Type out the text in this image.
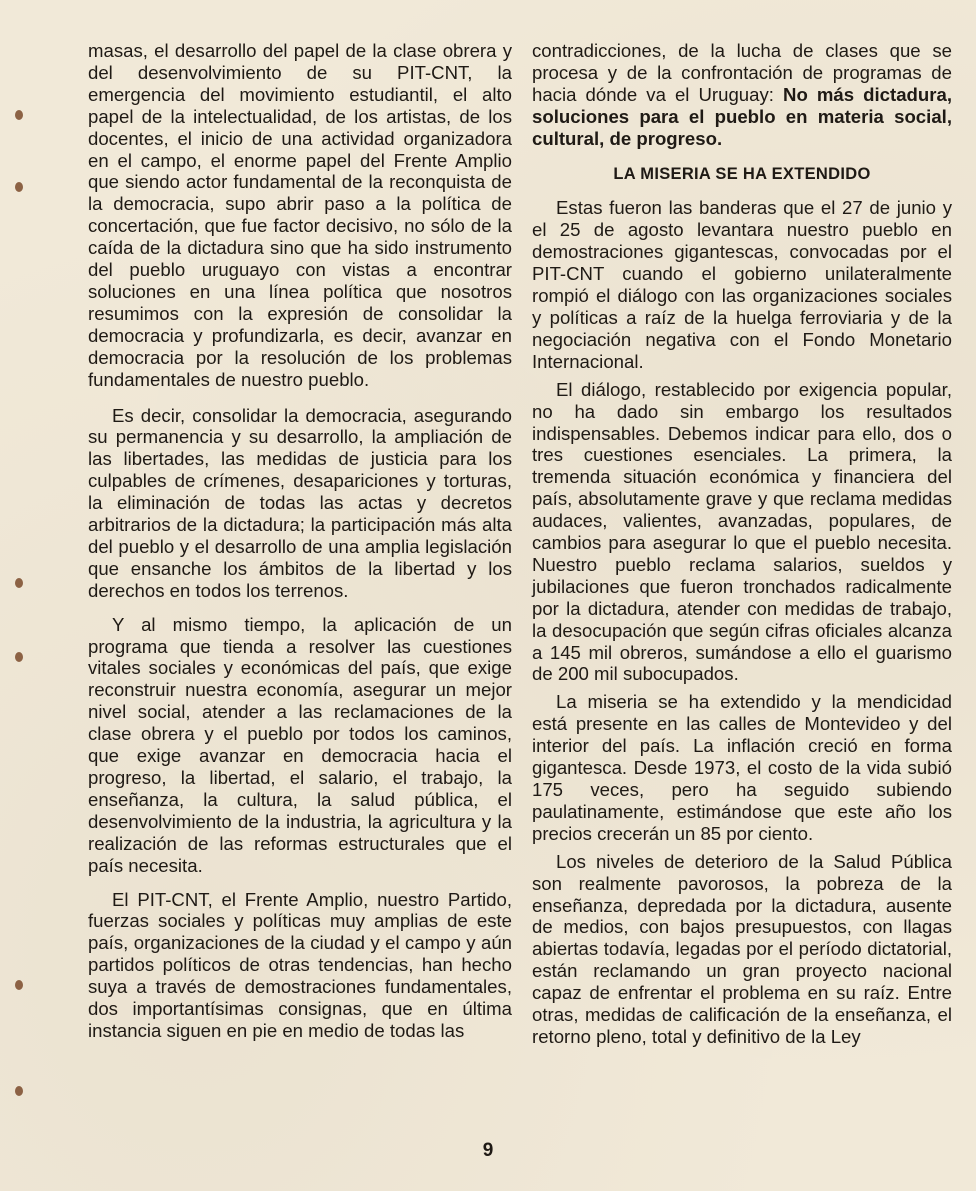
masas, el desarrollo del papel de la clase obrera y del desenvolvimiento de su PIT-CNT, la emergencia del movimiento estudiantil, el alto papel de la intelectualidad, de los artistas, de los docentes, el inicio de una actividad organizadora en el campo, el enorme papel del Frente Amplio que siendo actor fundamental de la reconquista de la democracia, supo abrir paso a la política de concertación, que fue factor decisivo, no sólo de la caída de la dictadura sino que ha sido instrumento del pueblo uruguayo con vistas a encontrar soluciones en una línea política que nosotros resumimos con la expresión de consolidar la democracia y profundizarla, es decir, avanzar en democracia por la resolución de los problemas fundamentales de nuestro pueblo.

Es decir, consolidar la democracia, asegurando su permanencia y su desarrollo, la ampliación de las libertades, las medidas de justicia para los culpables de crímenes, desapariciones y torturas, la eliminación de todas las actas y decretos arbitrarios de la dictadura; la participación más alta del pueblo y el desarrollo de una amplia legislación que ensanche los ámbitos de la libertad y los derechos en todos los terrenos.

Y al mismo tiempo, la aplicación de un programa que tienda a resolver las cuestiones vitales sociales y económicas del país, que exige reconstruir nuestra economía, asegurar un mejor nivel social, atender a las reclamaciones de la clase obrera y el pueblo por todos los caminos, que exige avanzar en democracia hacia el progreso, la libertad, el salario, el trabajo, la enseñanza, la cultura, la salud pública, el desenvolvimiento de la industria, la agricultura y la realización de las reformas estructurales que el país necesita.

El PIT-CNT, el Frente Amplio, nuestro Partido, fuerzas sociales y políticas muy amplias de este país, organizaciones de la ciudad y el campo y aún partidos políticos de otras tendencias, han hecho suya a través de demostraciones fundamentales, dos importantísimas consignas, que en última instancia siguen en pie en medio de todas las

contradicciones, de la lucha de clases que se procesa y de la confrontación de programas de hacia dónde va el Uruguay: No más dictadura, soluciones para el pueblo en materia social, cultural, de progreso.

LA MISERIA SE HA EXTENDIDO

Estas fueron las banderas que el 27 de junio y el 25 de agosto levantara nuestro pueblo en demostraciones gigantescas, convocadas por el PIT-CNT cuando el gobierno unilateralmente rompió el diálogo con las organizaciones sociales y políticas a raíz de la huelga ferroviaria y de la negociación negativa con el Fondo Monetario Internacional.

El diálogo, restablecido por exigencia popular, no ha dado sin embargo los resultados indispensables. Debemos indicar para ello, dos o tres cuestiones esenciales. La primera, la tremenda situación económica y financiera del país, absolutamente grave y que reclama medidas audaces, valientes, avanzadas, populares, de cambios para asegurar lo que el pueblo necesita. Nuestro pueblo reclama salarios, sueldos y jubilaciones que fueron tronchados radicalmente por la dictadura, atender con medidas de trabajo, la desocupación que según cifras oficiales alcanza a 145 mil obreros, sumándose a ello el guarismo de 200 mil subocupados.

La miseria se ha extendido y la mendicidad está presente en las calles de Montevideo y del interior del país. La inflación creció en forma gigantesca. Desde 1973, el costo de la vida subió 175 veces, pero ha seguido subiendo paulatinamente, estimándose que este año los precios crecerán un 85 por ciento.

Los niveles de deterioro de la Salud Pública son realmente pavorosos, la pobreza de la enseñanza, depredada por la dictadura, ausente de medios, con bajos presupuestos, con llagas abiertas todavía, legadas por el período dictatorial, están reclamando un gran proyecto nacional capaz de enfrentar el problema en su raíz. Entre otras, medidas de calificación de la enseñanza, el retorno pleno, total y definitivo de la Ley

9
